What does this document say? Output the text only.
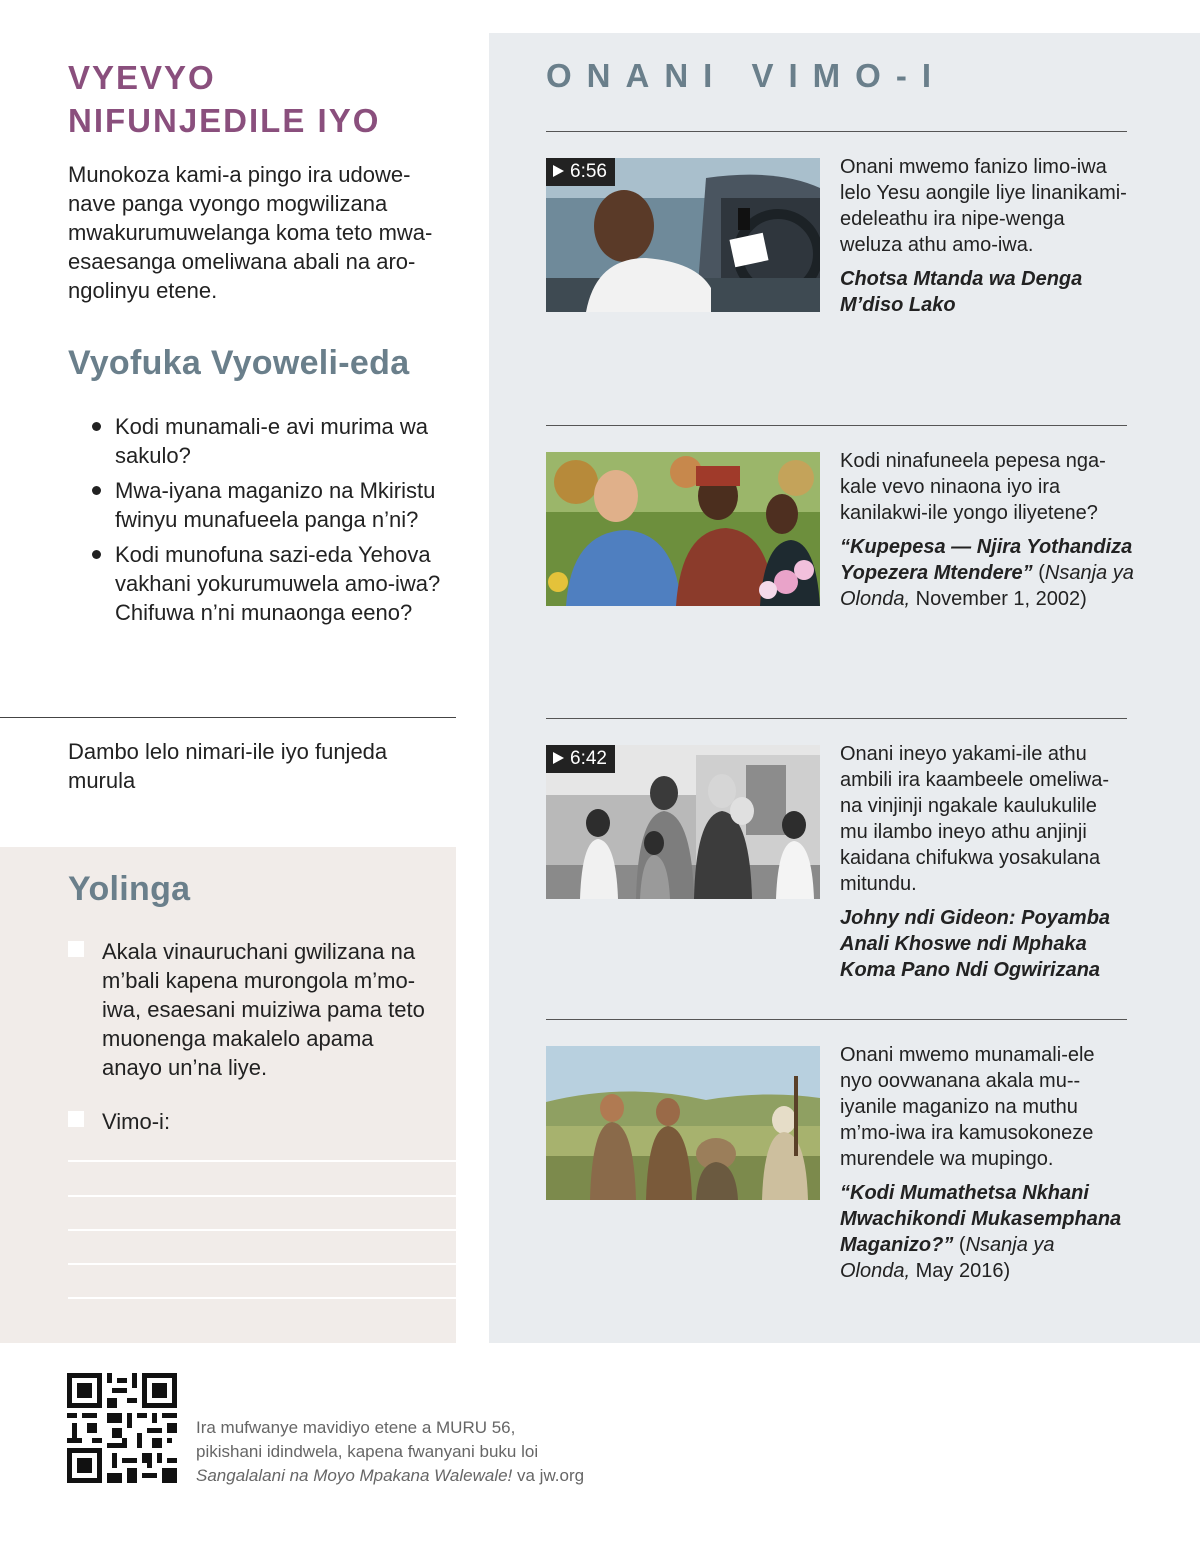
VYEVYO
NIFUNJEDILE IYO

Munokoza kami-a pingo ira udowe-nave panga vyongo mogwilizana mwakurumuwelanga koma teto mwa-esaesanga omeliwana abali na aro-ngolinyu etene.

Vyofuka Vyoweli-eda
Kodi munamali-e avi murima wa sakulo?
Mwa-iyana maganizo na Mkiristu fwinyu munafueela panga n’ni?
Kodi munofuna sazi-eda Yehova vakhani yokurumuwela amo-iwa? Chifuwa n’ni munaonga eeno?

Dambo lelo nimari-ile iyo funjeda murula

Yolinga
Akala vinauruchani gwilizana na m’bali kapena murongola m’mo-iwa, esaesani muiziwa pama teto muonenga makalelo apama anayo un’na liye.
Vimo-i:
ONANI VIMO-I
6:56	Onani mwemo fanizo limo-iwa lelo Yesu aongile liye linanikami-edeleathu ira nipe-wenga weluza athu amo-iwa.

Chotsa Mtanda wa Denga M’diso Lako

Kodi ninafuneela pepesa nga-kale vevo ninaona iyo ira kanilakwi-ile yongo iliyetene?

“Kupepesa — Njira Yothandiza Yopezera Mtendere” (Nsanja ya Olonda, November 1, 2002)

6:42	Onani ineyo yakami-ile athu ambili ira kaambeele omeliwa-na vinjinji ngakale kaulukulile mu ilambo ineyo athu anjinji kaidana chifukwa yosakulana mitundu.

Johny ndi Gideon: Poyamba Anali Khoswe ndi Mphaka Koma Pano Ndi Ogwirizana

Onani mwemo munamali-ele nyo oovwanana akala mu--iyanile maganizo na muthu m’mo-iwa ira kamusokoneze murendele wa mupingo.

“Kodi Mumathetsa Nkhani Mwachikondi Mukasemphana Maganizo?” (Nsanja ya Olonda, May 2016)

Ira mufwanye mavidiyo etene a MURU 56,
pikishani idindwela, kapena fwanyani buku loi
Sangalalani na Moyo Mpakana Walewale! va jw.org
